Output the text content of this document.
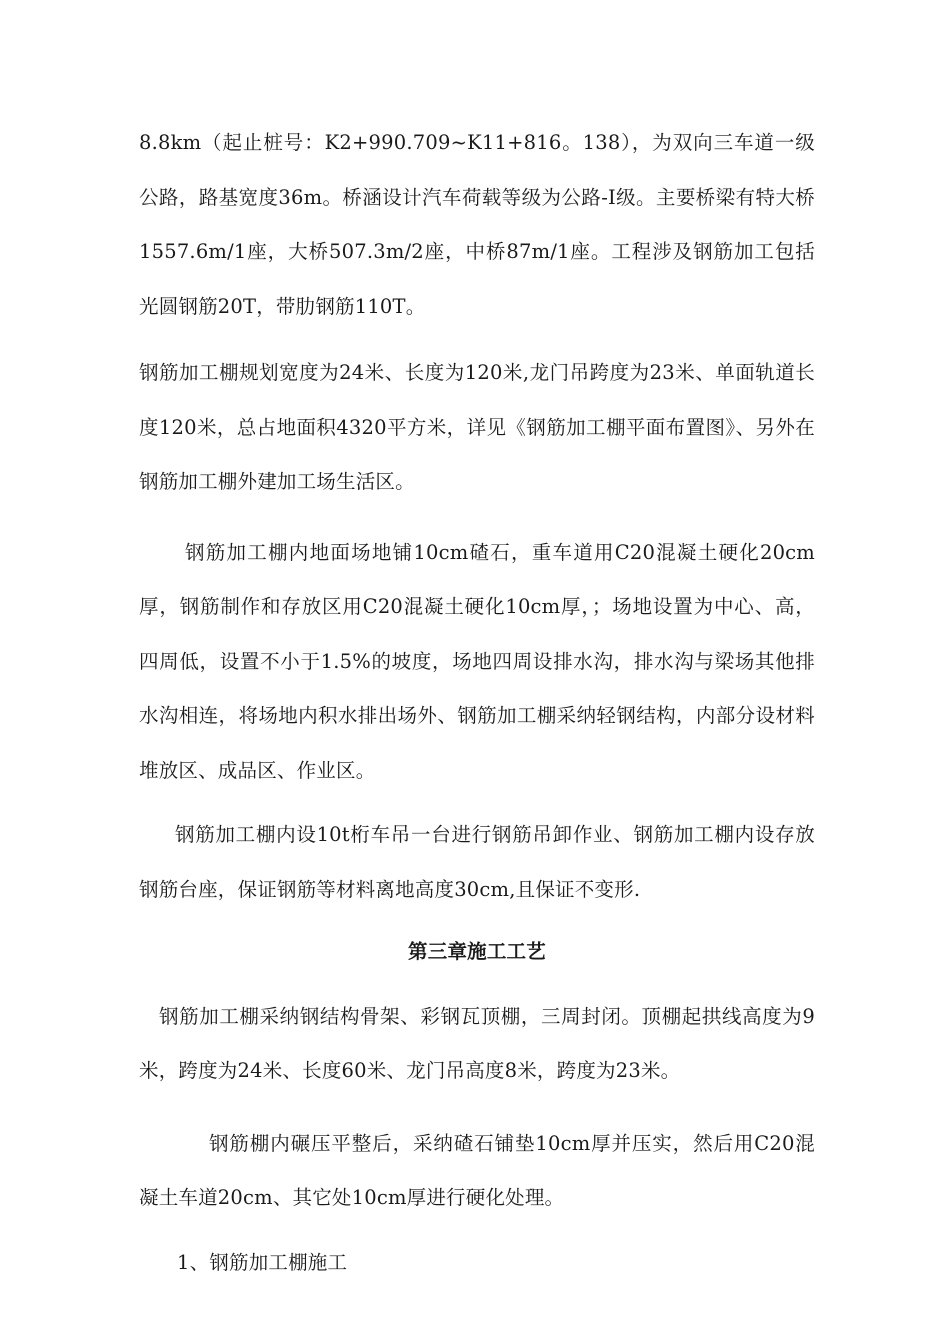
8.8km（起止桩号：K2+990.709~K11+816。138），为双向三车道一级公路，路基宽度36m。桥涵设计汽车荷载等级为公路-I级。主要桥梁有特大桥1557.6m/1座，大桥507.3m/2座，中桥87m/1座。工程涉及钢筋加工包括光圆钢筋20T，带肋钢筋110T。

钢筋加工棚规划宽度为24米、长度为120米,龙门吊跨度为23米、单面轨道长度120米，总占地面积4320平方米，详见《钢筋加工棚平面布置图》、另外在钢筋加工棚外建加工场生活区。

钢筋加工棚内地面场地铺10cm碴石，重车道用C20混凝土硬化20cm厚，钢筋制作和存放区用C20混凝土硬化10cm厚，；场地设置为中心、高，四周低，设置不小于1.5%的坡度，场地四周设排水沟，排水沟与梁场其他排水沟相连，将场地内积水排出场外、钢筋加工棚采纳轻钢结构，内部分设材料堆放区、成品区、作业区。

钢筋加工棚内设10t桁车吊一台进行钢筋吊卸作业、钢筋加工棚内设存放钢筋台座，保证钢筋等材料离地高度30cm,且保证不变形.

第三章施工工艺

钢筋加工棚采纳钢结构骨架、彩钢瓦顶棚，三周封闭。顶棚起拱线高度为9米，跨度为24米、长度60米、龙门吊高度8米，跨度为23米。

钢筋棚内碾压平整后，采纳碴石铺垫10cm厚并压实，然后用C20混凝土车道20cm、其它处10cm厚进行硬化处理。

1、钢筋加工棚施工
